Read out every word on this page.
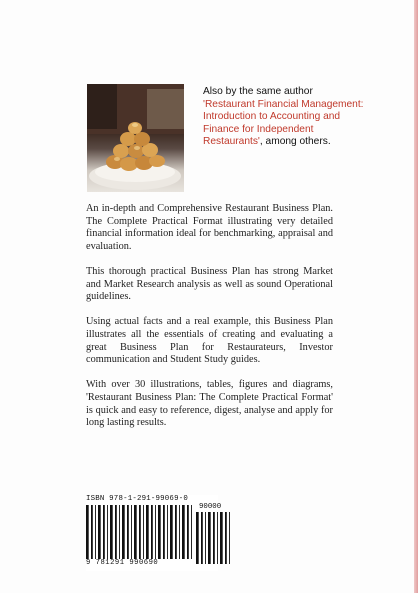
Also by the same author
'Restaurant Financial Management: Introduction to Accounting and Finance for Independent Restaurants', among others.

An in-depth and Comprehensive Restaurant Business Plan. The Complete Practical Format illustrating very detailed financial information ideal for benchmarking, appraisal and evaluation.

This thorough practical Business Plan has strong Market and Market Research analysis as well as sound Operational guidelines.

Using actual facts and a real example, this Business Plan illustrates all the essentials of creating and evaluating a great Business Plan for Restaurateurs, Investor communication and Student Study guides.

With over 30 illustrations, tables, figures and diagrams, 'Restaurant Business Plan: The Complete Practical Format' is quick and easy to reference, digest, analyse and apply for long lasting results.

ISBN 978-1-291-99069-0
9 781291 990690
90000
